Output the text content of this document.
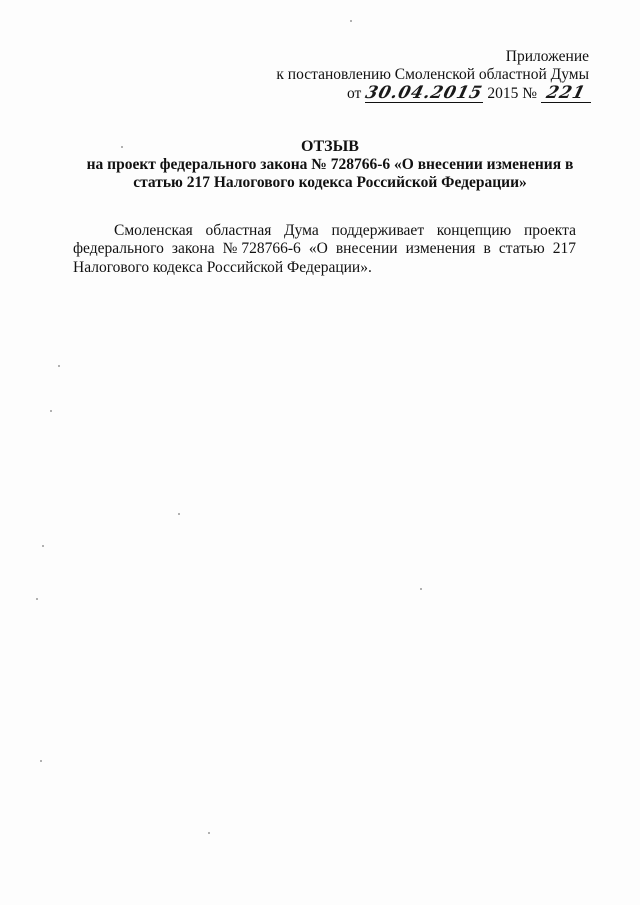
Приложение
к постановлению Смоленской областной Думы
от 30.04.2015 2015 № 221
ОТЗЫВ
на проект федерального закона № 728766-6 «О внесении изменения в
статью 217 Налогового кодекса Российской Федерации»
Смоленская областная Дума поддерживает концепцию проекта
федерального закона № 728766-6 «О внесении изменения в статью 217
Налогового кодекса Российской Федерации».
